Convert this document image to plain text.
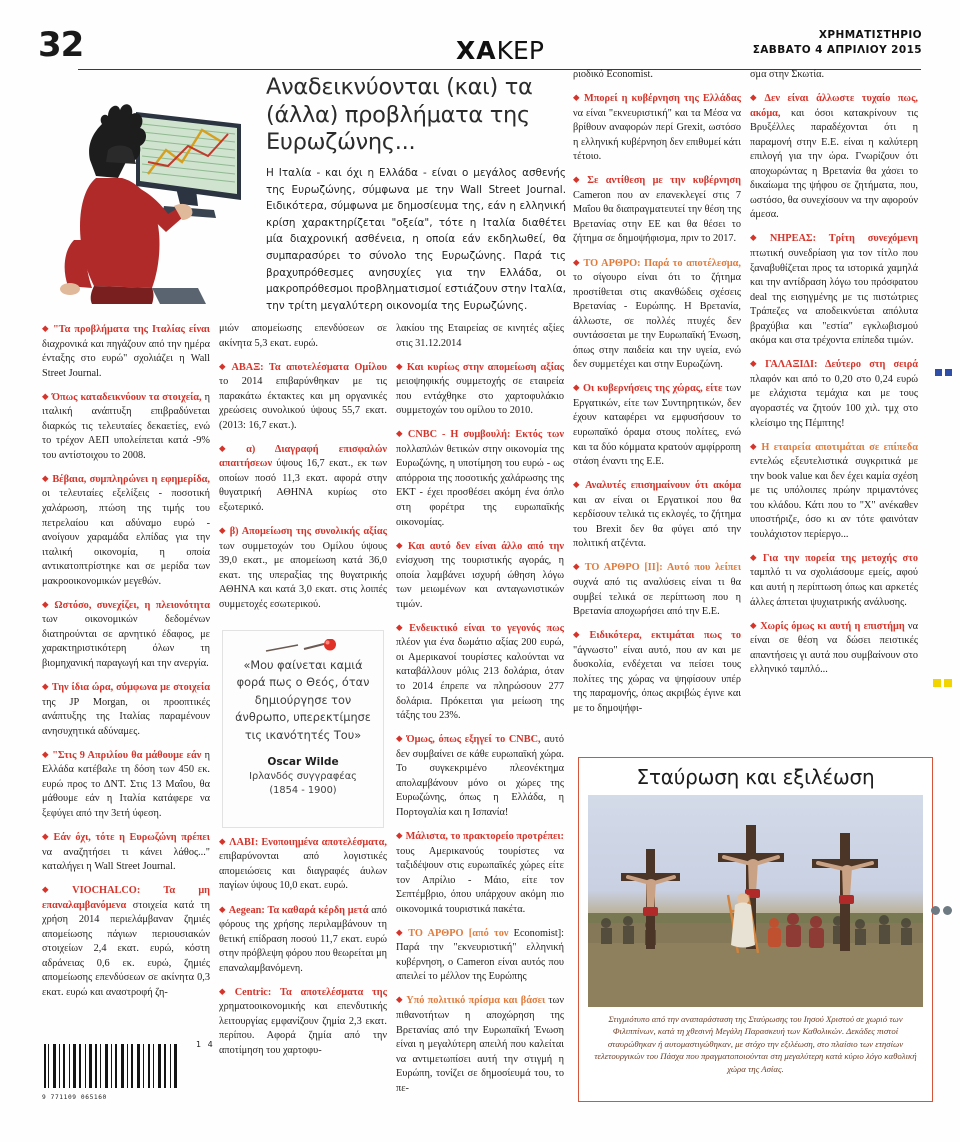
32	XAKEP
ΧΡΗΜΑΤΙΣΤΗΡΙΟ
ΣΑΒΒΑΤΟ 4 ΑΠΡΙΛΙΟΥ 2015
Αναδεικνύονται (και) τα (άλλα) προβλήματα της Ευρωζώνης...
Η Ιταλία - και όχι η Ελλάδα - είναι ο μεγάλος ασθενής της Ευρωζώνης, σύμφωνα με την Wall Street Journal. Ειδικότερα, σύμφωνα με δημοσίευμα της, εάν η ελληνική κρίση χαρακτηρίζεται "οξεία", τότε η Ιταλία διαθέτει μία διαχρονική ασθένεια, η οποία εάν εκδηλωθεί, θα συμπαρασύρει το σύνολο της Ευρωζώνης. Παρά τις βραχυπρόθεσμες ανησυχίες για την Ελλάδα, οι μακροπρόθεσμοι προβληματισμοί εστιάζουν στην Ιταλία, την τρίτη μεγαλύτερη οικονομία της Ευρωζώνης.

◆ "Τα προβλήματα της Ιταλίας είναι διαχρονικά και πηγάζουν από την ημέρα ένταξης στο ευρώ" σχολιάζει η Wall Street Journal.

◆ Όπως καταδεικνύουν τα στοιχεία, η ιταλική ανάπτυξη επιβραδύνεται διαρκώς τις τελευταίες δεκαετίες, ενώ το τρέχον ΑΕΠ υπολείπεται κατά -9% του αντίστοιχου το 2008.

◆ Βέβαια, συμπληρώνει η εφημερίδα, οι τελευταίες εξελίξεις - ποσοτική χαλάρωση, πτώση της τιμής του πετρελαίου και αδύναμο ευρώ - ανοίγουν χαραμάδα ελπίδας για την ιταλική οικονομία, η οποία αντικατοπτρίστηκε και σε μερίδα των μακροοικονομικών μεγεθών.

◆ Ωστόσο, συνεχίζει, η πλειονότητα των οικονομικών δεδομένων διατηρούνται σε αρνητικό έδαφος, με χαρακτηριστικότερη όλων τη βιομηχανική παραγωγή και την ανεργία.

◆ Την ίδια ώρα, σύμφωνα με στοιχεία της JP Morgan, οι προοπτικές ανάπτυξης της Ιταλίας παραμένουν ανησυχητικά αδύναμες.

◆ "Στις 9 Απριλίου θα μάθουμε εάν η Ελλάδα κατέβαλε τη δόση των 450 εκ. ευρώ προς το ΔΝΤ. Στις 13 Μαΐου, θα μάθουμε εάν η Ιταλία κατάφερε να ξεφύγει από την 3ετή ύφεση.

◆ Εάν όχι, τότε η Ευρωζώνη πρέπει να αναζητήσει τι κάνει λάθος..." καταλήγει η Wall Street Journal.

◆ VIOCHALCO: Τα μη επαναλαμβανόμενα στοιχεία κατά τη χρήση 2014 περιελάμβαναν ζημιές απομείωσης πάγιων περιουσιακών στοιχείων 2,4 εκατ. ευρώ, κόστη αδράνειας 0,6 εκ. ευρώ, ζημιές απομείωσης επενδύσεων σε ακίνητα 0,3 εκατ. ευρώ και αναστροφή ζη-

μιών απομείωσης επενδύσεων σε ακίνητα 5,3 εκατ. ευρώ.

◆ ΑΒΑΞ: Τα αποτελέσματα Ομίλου το 2014 επιβαρύνθηκαν με τις παρακάτω έκτακτες και μη οργανικές χρεώσεις συνολικού ύψους 55,7 εκατ. (2013: 16,7 εκατ.).

◆ α) Διαγραφή επισφαλών απαιτήσεων ύψους 16,7 εκατ., εκ των οποίων ποσό 11,3 εκατ. αφορά στην θυγατρική ΑΘΗΝΑ κυρίως στο εξωτερικό.

◆ β) Απομείωση της συνολικής αξίας των συμμετοχών του Ομίλου ύψους 39,0 εκατ., με απομείωση κατά 36,0 εκατ. της υπεραξίας της θυγατρικής ΑΘΗΝΑ και κατά 3,0 εκατ. στις λοιπές συμμετοχές εσωτερικού.

◆ ΛΑΒΙ: Ενοποιημένα αποτελέσματα, επιβαρύνονται από λογιστικές απομειώσεις και διαγραφές άυλων παγίων ύψους 10,0 εκατ. ευρώ.

◆ Aegean: Τα καθαρά κέρδη μετά από φόρους της χρήσης περιλαμβάνουν τη θετική επίδραση ποσού 11,7 εκατ. ευρώ στην πρόβλεψη φόρου που θεωρείται μη επαναλαμβανόμενη.

◆ Centric: Τα αποτελέσματα της χρηματοοικονομικής και επενδυτικής λειτουργίας εμφανίζουν ζημία 2,3 εκατ. περίπου. Αφορά ζημία από την αποτίμηση του χαρτοφυ-

«Μου φαίνεται καμιά φορά πως ο Θεός, όταν δημιούργησε τον άνθρωπο, υπερεκτίμησε τις ικανότητές Του»
Oscar Wilde
Ιρλανδός συγγραφέας
(1854 - 1900)

λακίου της Εταιρείας σε κινητές αξίες στις 31.12.2014

◆ Και κυρίως στην απομείωση αξίας μειοψηφικής συμμετοχής σε εταιρεία που εντάχθηκε στο χαρτοφυλάκιο συμμετοχών του ομίλου το 2010.

◆ CNBC - Η συμβουλή: Εκτός των πολλαπλών θετικών στην οικονομία της Ευρωζώνης, η υποτίμηση του ευρώ - ως απόρροια της ποσοτικής χαλάρωσης της ΕΚΤ - έχει προσθέσει ακόμη ένα όπλο στη φορέτρα της ευρωπαϊκής οικονομίας.

◆ Και αυτό δεν είναι άλλο από την ενίσχυση της τουριστικής αγοράς, η οποία λαμβάνει ισχυρή ώθηση λόγω των μειωμένων και ανταγωνιστικών τιμών.

◆ Ενδεικτικό είναι το γεγονός πως πλέον για ένα δωμάτιο αξίας 200 ευρώ, οι Αμερικανοί τουρίστες καλούνται να καταβάλλουν μόλις 213 δολάρια, όταν το 2014 έπρεπε να πληρώσουν 277 δολάρια. Πρόκειται για μείωση της τάξης του 23%.

◆ Όμως, όπως εξηγεί το CNBC, αυτό δεν συμβαίνει σε κάθε ευρωπαϊκή χώρα. Το συγκεκριμένο πλεονέκτημα απολαμβάνουν μόνο οι χώρες της Ευρωζώνης, όπως η Ελλάδα, η Πορτογαλία και η Ισπανία!

◆ Μάλιστα, το πρακτορείο προτρέπει: τους Αμερικανούς τουρίστες να ταξιδέψουν στις ευρωπαϊκές χώρες είτε τον Απρίλιο - Μάιο, είτε τον Σεπτέμβριο, όπου υπάρχουν ακόμη πιο οικονομικά τουριστικά πακέτα.

◆ ΤΟ ΑΡΘΡΟ [από τον Economist]: Παρά την "εκνευριστική" ελληνική κυβέρνηση, ο Cameron είναι αυτός που απειλεί το μέλλον της Ευρώπης

◆ Υπό πολιτικό πρίσμα και βάσει των πιθανοτήτων η αποχώρηση της Βρετανίας από την Ευρωπαϊκή Ένωση είναι η μεγαλύτερη απειλή που καλείται να αντιμετωπίσει αυτή την στιγμή η Ευρώπη, τονίζει σε δημοσίευμά του, το πε-

ριοδικό Economist.

◆ Μπορεί η κυβέρνηση της Ελλάδας να είναι "εκνευριστική" και τα Μέσα να βρίθουν αναφορών περί Grexit, ωστόσο η ελληνική κυβέρνηση δεν επιθυμεί κάτι τέτοιο.

◆ Σε αντίθεση με την κυβέρνηση Cameron που αν επανεκλεγεί στις 7 Μαΐου θα διαπραγματευτεί την θέση της Βρετανίας στην ΕΕ και θα θέσει το ζήτημα σε δημοψήφισμα, πριν το 2017.

◆ ΤΟ ΑΡΘΡΟ: Παρά το αποτέλεσμα, το σίγουρο είναι ότι το ζήτημα προστίθεται στις ακανθώδεις σχέσεις Βρετανίας - Ευρώπης. Η Βρετανία, άλλωστε, σε πολλές πτυχές δεν συντάσσεται με την Ευρωπαϊκή Ένωση, όπως στην παιδεία και την υγεία, ενώ δεν συμμετέχει και στην Ευρωζώνη.

◆ Οι κυβερνήσεις της χώρας, είτε των Εργατικών, είτε των Συντηρητικών, δεν έχουν καταφέρει να εμφυσήσουν το ευρωπαϊκό όραμα στους πολίτες, ενώ και τα δύο κόμματα κρατούν αμφίρροπη στάση έναντι της Ε.Ε.

◆ Αναλυτές επισημαίνουν ότι ακόμα και αν είναι οι Εργατικοί που θα κερδίσουν τελικά τις εκλογές, το ζήτημα του Brexit δεν θα φύγει από την πολιτική ατζέντα.

◆ ΤΟ ΑΡΘΡΟ [II]: Αυτό που λείπει συχνά από τις αναλύσεις είναι τι θα συμβεί τελικά σε περίπτωση που η Βρετανία αποχωρήσει από την Ε.Ε.

◆ Ειδικότερα, εκτιμάται πως το "άγνωστο" είναι αυτό, που αν και με δυσκολία, ενδέχεται να πείσει τους πολίτες της χώρας να ψηφίσουν υπέρ της παραμονής, όπως ακριβώς έγινε και με το δημοψήφι-

σμα στην Σκωτία.

◆ Δεν είναι άλλωστε τυχαίο πως, ακόμα, και όσοι κατακρίνουν τις Βρυξέλλες παραδέχονται ότι η παραμονή στην Ε.Ε. είναι η καλύτερη επιλογή για την ώρα. Γνωρίζουν ότι αποχωρώντας η Βρετανία θα χάσει το δικαίωμα της ψήφου σε ζητήματα, που, ωστόσο, θα συνεχίσουν να την αφορούν άμεσα.

◆ ΝΗΡΕΑΣ: Τρίτη συνεχόμενη πτωτική συνεδρίαση για τον τίτλο που ξαναβυθίζεται προς τα ιστορικά χαμηλά και την αντίδραση λόγω του πρόσφατου deal της εισηγμένης με τις πιστώτριες Τράπεζες να αποδεικνύεται απόλυτα βραχύβια και "εστία" εγκλωβισμού ακόμα και στα τρέχοντα επίπεδα τιμών.

◆ ΓΑΛΑΞΙΔΙ: Δεύτερο στη σειρά πλαφόν και από το 0,20 στο 0,24 ευρώ με ελάχιστα τεμάχια και με τους αγοραστές να ζητούν 100 χιλ. τμχ στο κλείσιμο της Πέμπτης!

◆ Η εταιρεία αποτιμάται σε επίπεδα εντελώς εξευτελιστικά συγκριτικά με την book value και δεν έχει καμία σχέση με τις υπόλοιπες πρώην πριμαντόνες του κλάδου. Κάτι που το "Χ" ανέκαθεν υποστήριζε, όσο κι αν τότε φαινόταν τουλάχιστον περίεργο...

◆ Για την πορεία της μετοχής στο ταμπλό τι να σχολιάσουμε εμείς, αφού και αυτή η περίπτωση όπως και αρκετές άλλες άπτεται ψυχιατρικής ανάλυσης.

◆ Χωρίς όμως κι αυτή η επιστήμη να είναι σε θέση να δώσει πειστικές απαντήσεις γι αυτά που συμβαίνουν στο ελληνικό ταμπλό...

Σταύρωση και εξιλέωση
Στιγμιότυπο από την αναπαράσταση της Σταύρωσης του Ιησού Χριστού σε χωριό των Φιλιππίνων, κατά τη χθεσινή Μεγάλη Παρασκευή των Καθολικών. Δεκάδες πιστοί σταυρώθηκαν ή αυτομαστιγώθηκαν, με στόχο την εξιλέωση, στο πλαίσιο των ετησίων τελετουργικών του Πάσχα που πραγματοποιούνται στη μεγαλύτερη κατά κύριο λόγο καθολική χώρα της Ασίας.
9 771109 065160
1 4
